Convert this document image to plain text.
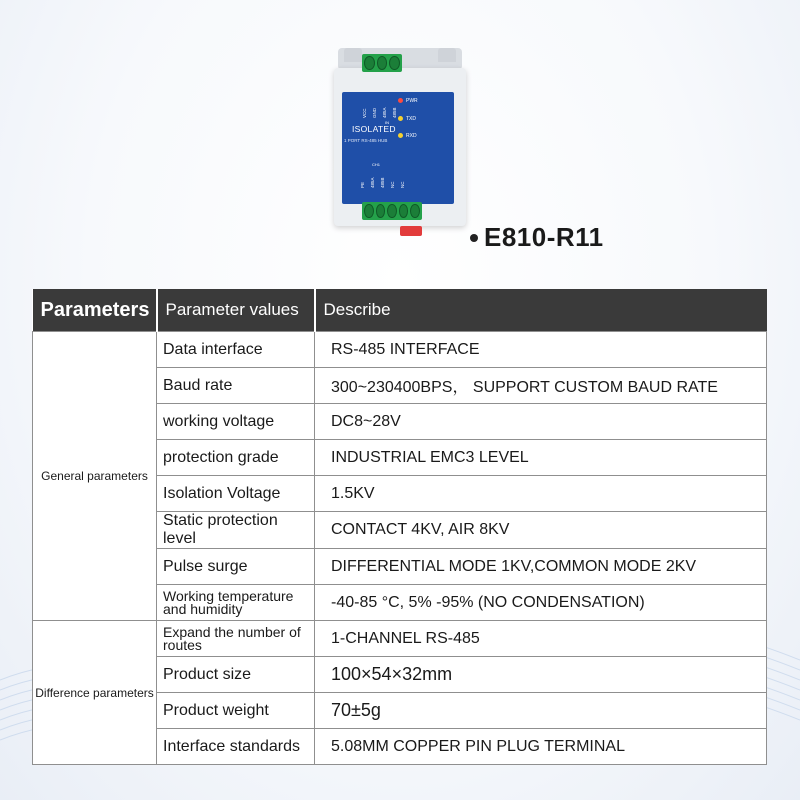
VCC GND 485A 485B
IN
PWR
TXD
RXD
ISOLATED
1 PORT RS-485 HUB
CH1
PE 485A 485B NC NC
E810-R11
Parameters	Parameter values	Describe
General parameters	Data interface	RS-485 INTERFACE
	Baud rate	300~230400BPS， SUPPORT CUSTOM BAUD RATE
	working voltage	DC8~28V
	protection grade	INDUSTRIAL EMC3 LEVEL
	Isolation Voltage	1.5KV
	Static protection level	CONTACT 4KV, AIR 8KV
	Pulse surge	DIFFERENTIAL MODE 1KV,COMMON MODE 2KV

	Working temperature and humidity	-40-85 °C, 5% -95% (NO CONDENSATION)
Difference parameters	Expand the number of routes	1-CHANNEL RS-485
	Product size	100×54×32mm
	Product weight	70±5g
	Interface standards	5.08MM COPPER PIN PLUG TERMINAL
